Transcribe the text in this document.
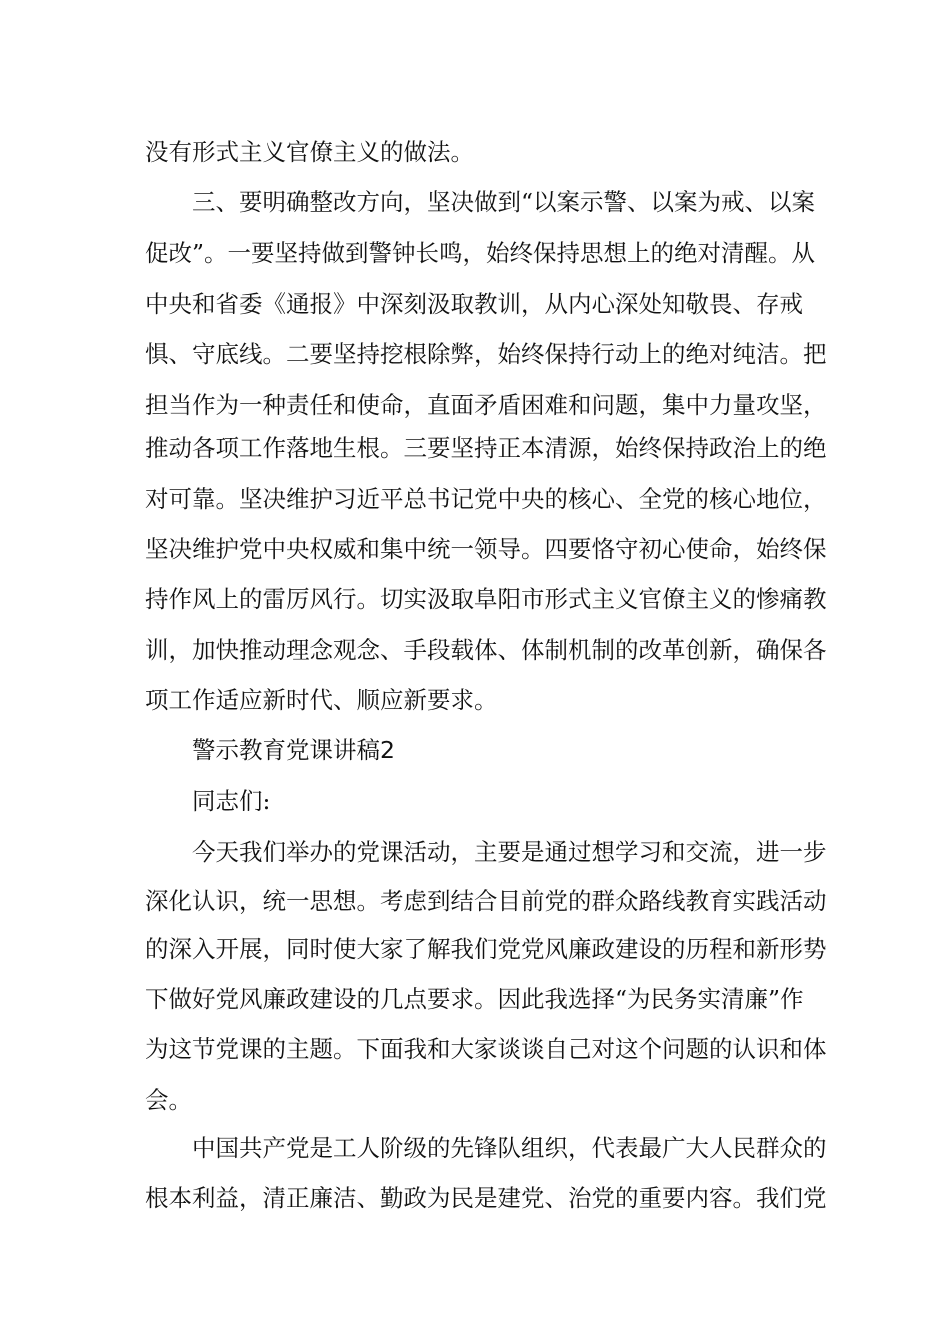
没有形式主义官僚主义的做法。
三、要明确整改方向，坚决做到“以案示警、以案为戒、以案
促改”。一要坚持做到警钟长鸣，始终保持思想上的绝对清醒。从
中央和省委《通报》中深刻汲取教训，从内心深处知敬畏、存戒
惧、守底线。二要坚持挖根除弊，始终保持行动上的绝对纯洁。把
担当作为一种责任和使命，直面矛盾困难和问题，集中力量攻坚，
推动各项工作落地生根。三要坚持正本清源，始终保持政治上的绝
对可靠。坚决维护习近平总书记党中央的核心、全党的核心地位，
坚决维护党中央权威和集中统一领导。四要恪守初心使命，始终保
持作风上的雷厉风行。切实汲取阜阳市形式主义官僚主义的惨痛教
训，加快推动理念观念、手段载体、体制机制的改革创新，确保各
项工作适应新时代、顺应新要求。
警示教育党课讲稿2
同志们:
今天我们举办的党课活动，主要是通过想学习和交流，进一步
深化认识，统一思想。考虑到结合目前党的群众路线教育实践活动
的深入开展，同时使大家了解我们党党风廉政建设的历程和新形势
下做好党风廉政建设的几点要求。因此我选择“为民务实清廉”作
为这节党课的主题。下面我和大家谈谈自己对这个问题的认识和体
会。
中国共产党是工人阶级的先锋队组织，代表最广大人民群众的
根本利益，清正廉洁、勤政为民是建党、治党的重要内容。我们党
